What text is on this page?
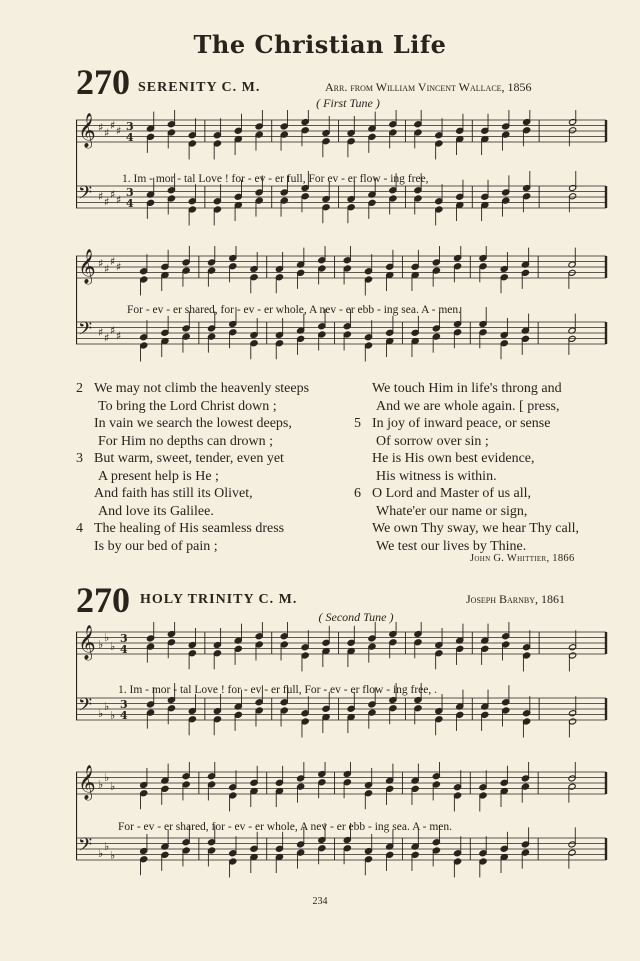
The Christian Life
270 SERENITY C. M.	Arr. from William Vincent Wallace, 1856
( First Tune )
𝄞 ♯ ♯
♯ ♯ 3
4
𝄢 ♯ ♯
♯ ♯
3
4
1. Im - mor - tal Love ! for - ev - er full, For ev - er flow - ing free,
𝄞 ♯ ♯
♯ ♯
𝄢 ♯ ♯
♯ ♯
For - ev - er shared, for - ev - er whole, A nev - er ebb - ing sea. A - men.
2 We may not climb the heavenly steeps
To bring the Lord Christ down ;
In vain we search the lowest deeps,
For Him no depths can drown ;
3 But warm, sweet, tender, even yet
A present help is He ;
And faith has still its Olivet,
And love its Galilee.
4 The healing of His seamless dress
Is by our bed of pain ;
We touch Him in life's throng and
And we are whole again. [ press,
5 In joy of inward peace, or sense
Of sorrow over sin ;
He is His own best evidence,
His witness is within.
6 O Lord and Master of us all,
Whate'er our name or sign,
We own Thy sway, we hear Thy call,
We test our lives by Thine.
John G. Whittier, 1866
270 HOLY TRINITY C. M.	Joseph Barnby, 1861
( Second Tune )
𝄞 ♭
♭
♭
3
4
𝄢 ♭
♭
♭
3
4
1. Im - mor - tal Love ! for - ev - er full, For - ev - er flow - ing free, .
𝄞 ♭
♭
♭
𝄢 ♭
♭
♭
For - ev - er shared, for - ev - er whole, A nev - er ebb - ing sea. A - men.
234
